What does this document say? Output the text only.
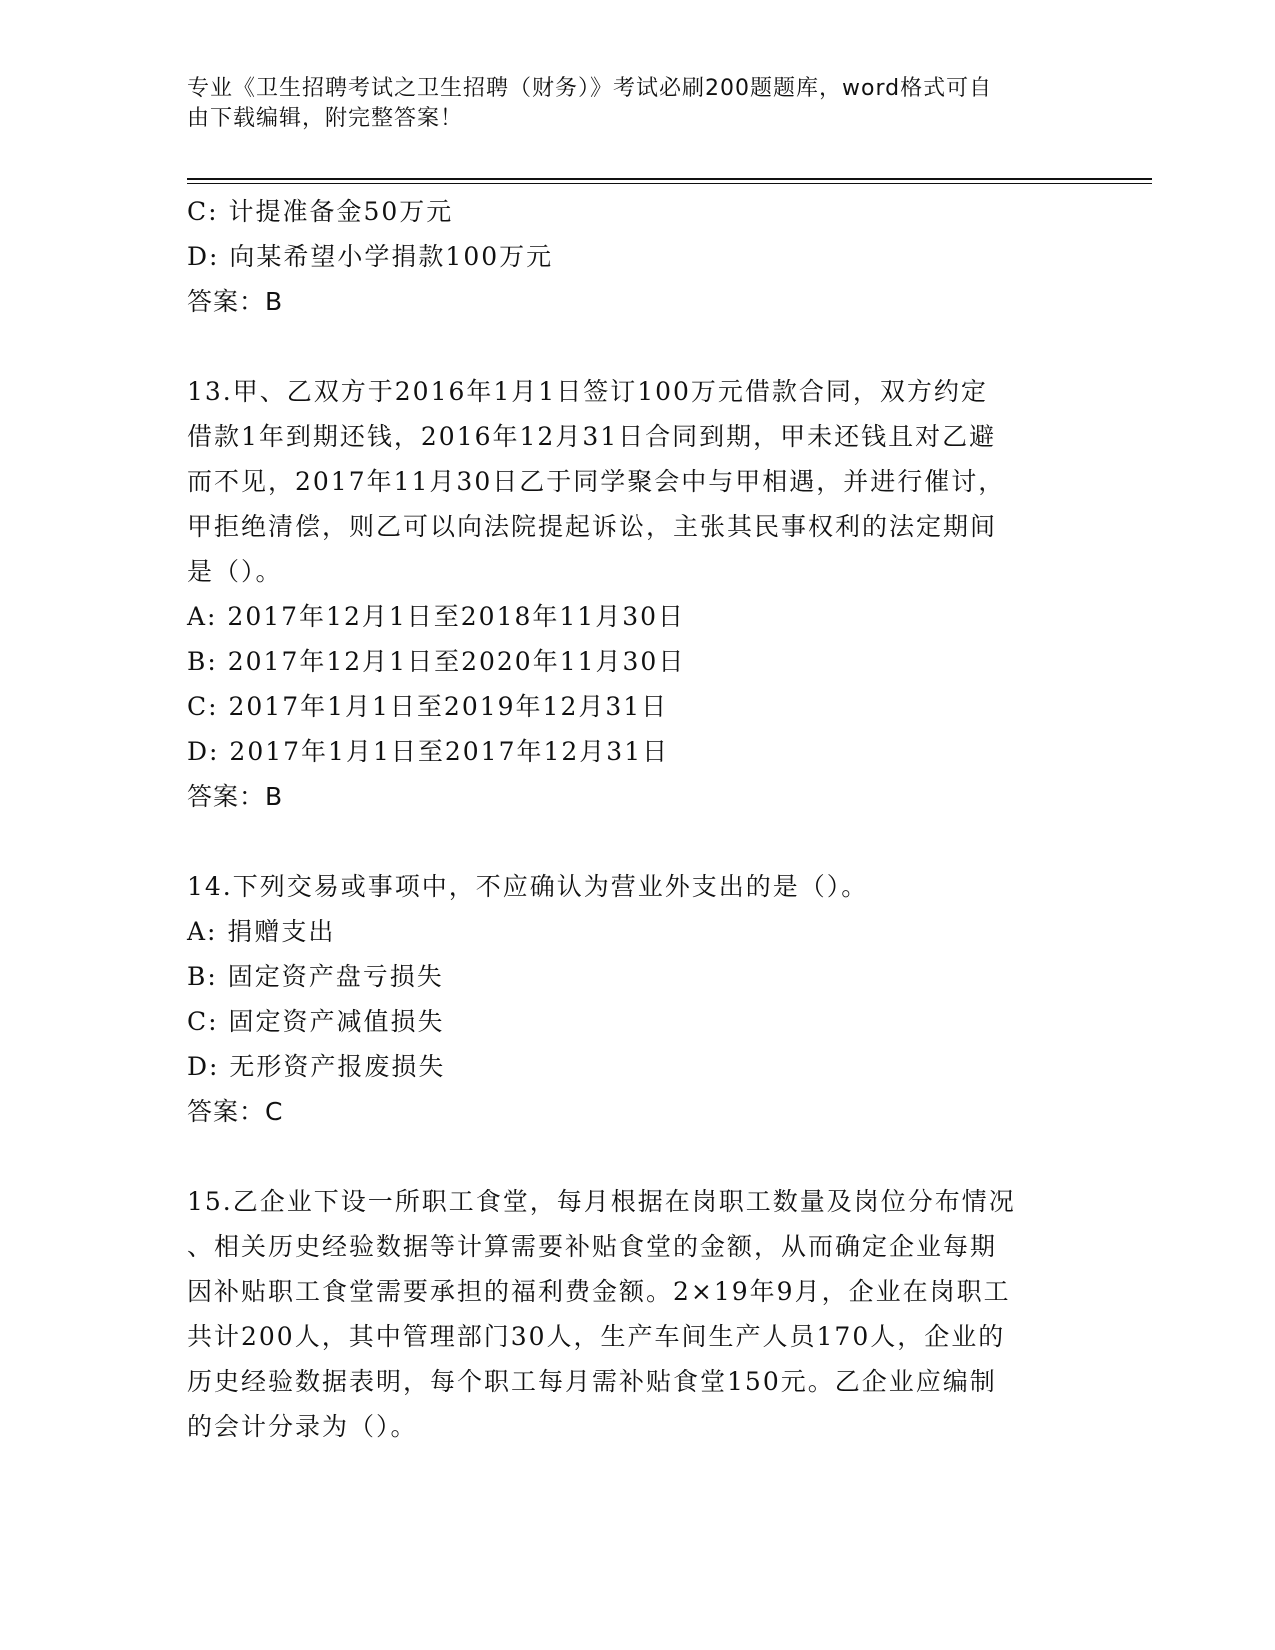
专业《卫生招聘考试之卫生招聘（财务）》考试必刷200题题库，word格式可自
由下载编辑，附完整答案！
C: 计提准备金50万元
D: 向某希望小学捐款100万元
答案：B
13.甲、乙双方于2016年1月1日签订100万元借款合同，双方约定
借款1年到期还钱，2016年12月31日合同到期，甲未还钱且对乙避
而不见，2017年11月30日乙于同学聚会中与甲相遇，并进行催讨，
甲拒绝清偿，则乙可以向法院提起诉讼，主张其民事权利的法定期间
是（）。
A: 2017年12月1日至2018年11月30日
B: 2017年12月1日至2020年11月30日
C: 2017年1月1日至2019年12月31日
D: 2017年1月1日至2017年12月31日
答案：B
14.下列交易或事项中，不应确认为营业外支出的是（）。
A: 捐赠支出
B: 固定资产盘亏损失
C: 固定资产减值损失
D: 无形资产报废损失
答案：C
15.乙企业下设一所职工食堂，每月根据在岗职工数量及岗位分布情况
、相关历史经验数据等计算需要补贴食堂的金额，从而确定企业每期
因补贴职工食堂需要承担的福利费金额。2×19年9月，企业在岗职工
共计200人，其中管理部门30人，生产车间生产人员170人，企业的
历史经验数据表明，每个职工每月需补贴食堂150元。乙企业应编制
的会计分录为（）。
